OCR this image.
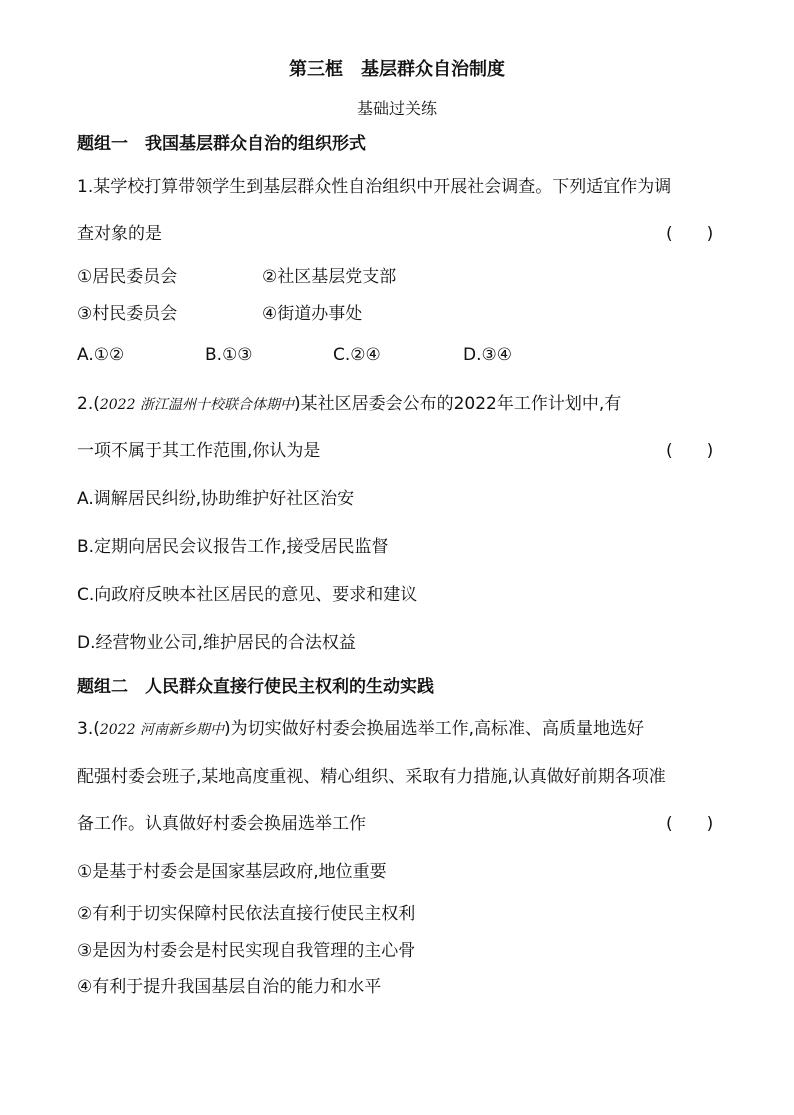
第三框　基层群众自治制度
基础过关练
题组一　我国基层群众自治的组织形式
1.某学校打算带领学生到基层群众性自治组织中开展社会调查。下列适宜作为调
查对象的是	(　　)
①居民委员会	②社区基层党支部
③村民委员会	④街道办事处
A.①②	B.①③	C.②④	D.③④
2.(2022 浙江温州十校联合体期中)某社区居委会公布的2022年工作计划中,有
一项不属于其工作范围,你认为是	(　　)
A.调解居民纠纷,协助维护好社区治安
B.定期向居民会议报告工作,接受居民监督
C.向政府反映本社区居民的意见、要求和建议
D.经营物业公司,维护居民的合法权益
题组二　人民群众直接行使民主权利的生动实践
3.(2022 河南新乡期中)为切实做好村委会换届选举工作,高标准、高质量地选好
配强村委会班子,某地高度重视、精心组织、采取有力措施,认真做好前期各项准
备工作。认真做好村委会换届选举工作	(　　)
①是基于村委会是国家基层政府,地位重要
②有利于切实保障村民依法直接行使民主权利
③是因为村委会是村民实现自我管理的主心骨
④有利于提升我国基层自治的能力和水平
